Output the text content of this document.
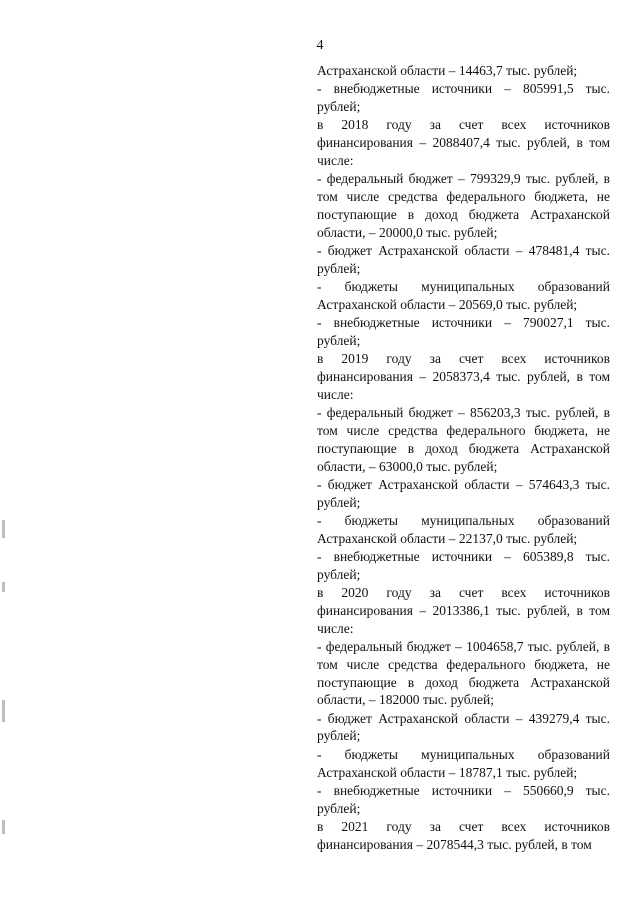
4

Астраханской области – 14463,7 тыс. рублей;

- внебюджетные источники – 805991,5 тыс. рублей;

в 2018 году за счет всех источников финансирования – 2088407,4 тыс. рублей, в том числе:

- федеральный бюджет – 799329,9 тыс. рублей, в том числе средства федерального бюджета, не поступающие в доход бюджета Астраханской области, – 20000,0 тыс. рублей;

- бюджет Астраханской области – 478481,4 тыс. рублей;

- бюджеты муниципальных образований Астраханской области – 20569,0 тыс. рублей;

- внебюджетные источники – 790027,1 тыс. рублей;

в 2019 году за счет всех источников финансирования – 2058373,4 тыс. рублей, в том числе:

- федеральный бюджет – 856203,3 тыс. рублей, в том числе средства федерального бюджета, не поступающие в доход бюджета Астраханской области, – 63000,0 тыс. рублей;

- бюджет Астраханской области – 574643,3 тыс. рублей;

- бюджеты муниципальных образований Астраханской области – 22137,0 тыс. рублей;

- внебюджетные источники – 605389,8 тыс. рублей;

в 2020 году за счет всех источников финансирования – 2013386,1 тыс. рублей, в том числе:

- федеральный бюджет – 1004658,7 тыс. рублей, в том числе средства федерального бюджета, не поступающие в доход бюджета Астраханской области, – 182000 тыс. рублей;

- бюджет Астраханской области – 439279,4 тыс. рублей;

- бюджеты муниципальных образований Астраханской области – 18787,1 тыс. рублей;

- внебюджетные источники – 550660,9 тыс. рублей;

в 2021 году за счет всех источников финансирования – 2078544,3 тыс. рублей, в том
